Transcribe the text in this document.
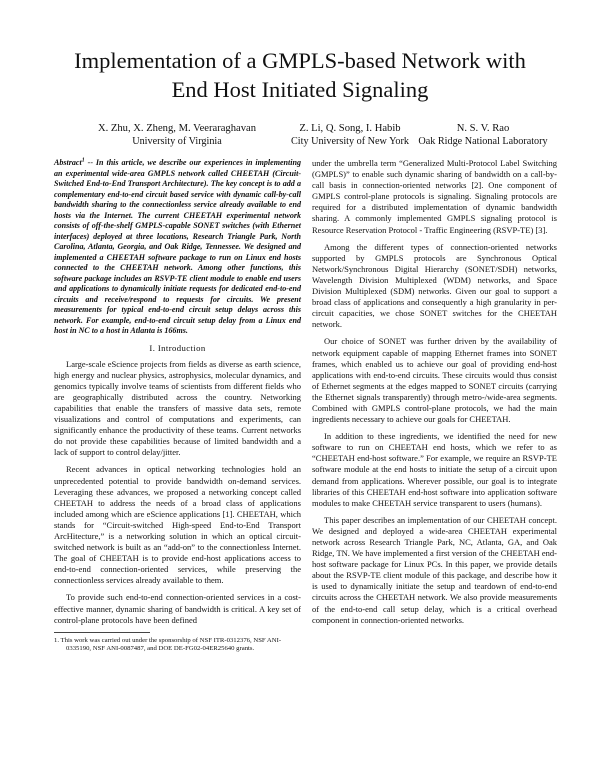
Implementation of a GMPLS-based Network with
End Host Initiated Signaling
X. Zhu, X. Zheng, M. Veeraraghavan
University of Virginia
Z. Li, Q. Song, I. Habib
City University of New York
N. S. V. Rao
Oak Ridge National Laboratory

Abstract$^1$ -- In this article, we describe our experiences in implementing an experimental wide-area GMPLS network called CHEETAH (Circuit-Switched End-to-End Transport Architecture). The key concept is to add a complementary end-to-end circuit based service with dynamic call-by-call bandwidth sharing to the connectionless service already available to end hosts via the Internet. The current CHEETAH experimental network consists of off-the-shelf GMPLS-capable SONET switches (with Ethernet interfaces) deployed at three locations, Research Triangle Park, North Carolina, Atlanta, Georgia, and Oak Ridge, Tennessee. We designed and implemented a CHEETAH software package to run on Linux end hosts connected to the CHEETAH network. Among other functions, this software package includes an RSVP-TE client module to enable end users and applications to dynamically initiate requests for dedicated end-to-end circuits and receive/respond to requests for circuits. We present measurements for typical end-to-end circuit setup delays across this network. For example, end-to-end circuit setup delay from a Linux end host in NC to a host in Atlanta is 166ms.

I. Introduction

Large-scale eScience projects from fields as diverse as earth science, high energy and nuclear physics, astrophysics, molecular dynamics, and genomics typically involve teams of scientists from different fields who are geographically distributed across the country. Networking capabilities that enable the transfers of massive data sets, remote visualizations and control of computations and experiments, can significantly enhance the productivity of these teams. Current networks do not provide these capabilities because of limited bandwidth and a lack of support to control delay/jitter.

Recent advances in optical networking technologies hold an unprecedented potential to provide bandwidth on-demand services. Leveraging these advances, we proposed a networking concept called CHEETAH to address the needs of a broad class of applications included among which are eScience applications [1]. CHEETAH, which stands for “Circuit-switched High-speed End-to-End Transport ArcHitecture,” is a networking solution in which an optical circuit-switched network is built as an “add-on” to the connectionless Internet. The goal of CHEETAH is to provide end-host applications access to end-to-end connection-oriented services, while preserving the connectionless services already available to them.

To provide such end-to-end connection-oriented services in a cost-effective manner, dynamic sharing of bandwidth is critical. A key set of control-plane protocols have been defined

1. This work was carried out under the sponsorship of NSF ITR-0312376, NSF ANI-0335190, NSF ANI-0087487, and DOE DE-FG02-04ER25640 grants.

under the umbrella term “Generalized Multi-Protocol Label Switching (GMPLS)” to enable such dynamic sharing of bandwidth on a call-by-call basis in connection-oriented networks [2]. One component of GMPLS control-plane protocols is signaling. Signaling protocols are required for a distributed implementation of dynamic bandwidth sharing. A commonly implemented GMPLS signaling protocol is Resource Reservation Protocol - Traffic Engineering (RSVP-TE) [3].

Among the different types of connection-oriented networks supported by GMPLS protocols are Synchronous Optical Network/Synchronous Digital Hierarchy (SONET/SDH) networks, Wavelength Division Multiplexed (WDM) networks, and Space Division Multiplexed (SDM) networks. Given our goal to support a broad class of applications and consequently a high granularity in per-circuit capacities, we chose SONET switches for the CHEETAH network.

Our choice of SONET was further driven by the availability of network equipment capable of mapping Ethernet frames into SONET frames, which enabled us to achieve our goal of providing end-host applications with end-to-end circuits. These circuits would thus consist of Ethernet segments at the edges mapped to SONET circuits (carrying the Ethernet signals transparently) through metro-/wide-area segments. Combined with GMPLS control-plane protocols, we had the main ingredients necessary to achieve our goals for CHEETAH.

In addition to these ingredients, we identified the need for new software to run on CHEETAH end hosts, which we refer to as “CHEETAH end-host software.” For example, we require an RSVP-TE software module at the end hosts to initiate the setup of a circuit upon demand from applications. Wherever possible, our goal is to integrate libraries of this CHEETAH end-host software into application software modules to make CHEETAH service transparent to users (humans).

This paper describes an implementation of our CHEETAH concept. We designed and deployed a wide-area CHEETAH experimental network across Research Triangle Park, NC, Atlanta, GA, and Oak Ridge, TN. We have implemented a first version of the CHEETAH end-host software package for Linux PCs. In this paper, we provide details about the RSVP-TE client module of this package, and describe how it is used to dynamically initiate the setup and teardown of end-to-end circuits across the CHEETAH network. We also provide measurements of the end-to-end call setup delay, which is a critical overhead component in connection-oriented networks.
